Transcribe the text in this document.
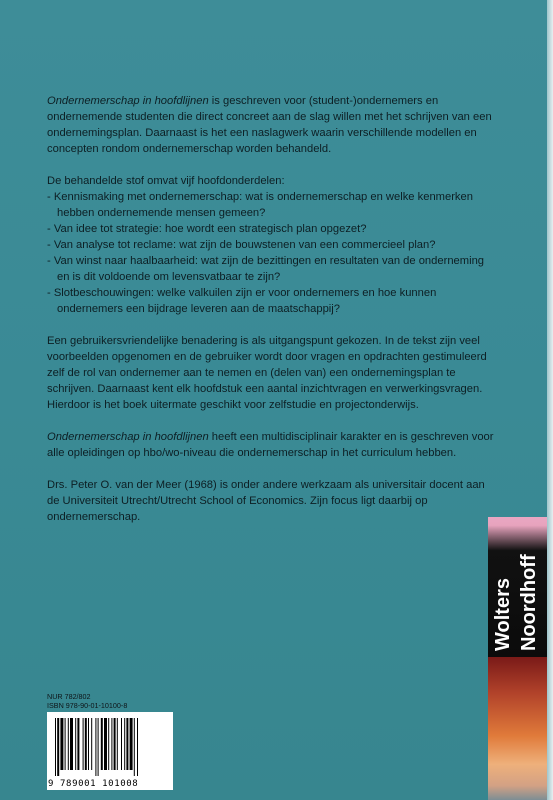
Ondernemerschap in hoofdlijnen is geschreven voor (student-)ondernemers en ondernemende studenten die direct concreet aan de slag willen met het schrijven van een ondernemingsplan. Daarnaast is het een naslagwerk waarin verschillende modellen en concepten rondom ondernemerschap worden behandeld.

De behandelde stof omvat vijf hoofdonderdelen:
- Kennismaking met ondernemerschap: wat is ondernemerschap en welke kenmerken hebben ondernemende mensen gemeen?
- Van idee tot strategie: hoe wordt een strategisch plan opgezet?
- Van analyse tot reclame: wat zijn de bouwstenen van een commercieel plan?
- Van winst naar haalbaarheid: wat zijn de bezittingen en resultaten van de onderneming en is dit voldoende om levensvatbaar te zijn?
- Slotbeschouwingen: welke valkuilen zijn er voor ondernemers en hoe kunnen ondernemers een bijdrage leveren aan de maatschappij?

Een gebruikersvriendelijke benadering is als uitgangspunt gekozen. In de tekst zijn veel voorbeelden opgenomen en de gebruiker wordt door vragen en opdrachten gestimuleerd zelf de rol van ondernemer aan te nemen en (delen van) een ondernemingsplan te schrijven. Daarnaast kent elk hoofdstuk een aantal inzichtvragen en verwerkingsvragen. Hierdoor is het boek uitermate geschikt voor zelfstudie en projectonderwijs.

Ondernemerschap in hoofdlijnen heeft een multidisciplinair karakter en is geschreven voor alle opleidingen op hbo/wo-niveau die ondernemerschap in het curriculum hebben.

Drs. Peter O. van der Meer (1968) is onder andere werkzaam als universitair docent aan de Universiteit Utrecht/Utrecht School of Economics. Zijn focus ligt daarbij op ondernemerschap.

Wolters Noordhoff
NUR 782/802
ISBN 978-90-01-10100-8
9 789001 101008
